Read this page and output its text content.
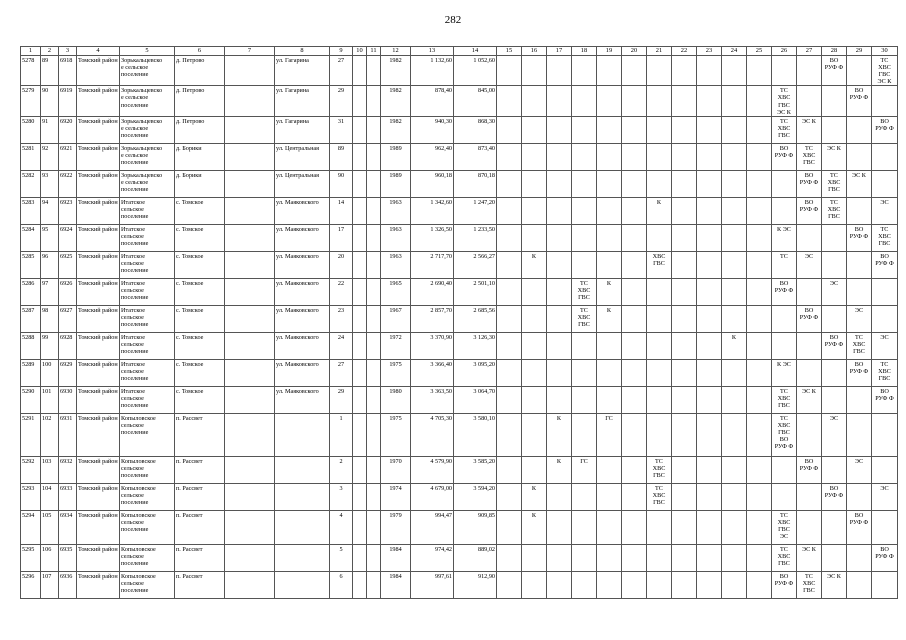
282
1	2	3	4	5	6	7	8	9	10	11	12	13	14	15	16	17	18	19	20	21	22	23	24	25	26	27	28	29	30
5278	89	6918	Томский район	Зорькальцевско
е сельское
поселение	д. Петрово		ул. Гагарина	27			1982	1 132,60	1 052,60														ВО
РУФ Ф		ТС
ХВС
ГВС
ЭС К
5279	90	6919	Томский район	Зорькальцевско
е сельское
поселение	д. Петрово		ул. Гагарина	29			1982	878,40	845,00												ТС
ХВС
ГВС
ЭС К			ВО
РУФ Ф	
5280	91	6920	Томский район	Зорькальцевско
е сельское
поселение	д. Петрово		ул. Гагарина	31			1982	940,30	868,30												ТС
ХВС
ГВС	ЭС К			ВО
РУФ Ф
5281	92	6921	Томский район	Зорькальцевско
е сельское
поселение	д. Борики		ул. Центральная	89			1989	962,40	873,40												ВО
РУФ Ф	ТС
ХВС
ГВС	ЭС К		
5282	93	6922	Томский район	Зорькальцевско
е сельское
поселение	д. Борики		ул. Центральная	90			1989	960,18	870,18													ВО
РУФ Ф	ТС
ХВС
ГВС	ЭС К	
5283	94	6923	Томский район	Итатское
сельское
поселение	с. Томское		ул. Маяковского	14			1963	1 342,60	1 247,20							К						ВО
РУФ Ф	ТС
ХВС
ГВС		ЭС
5284	95	6924	Томский район	Итатское
сельское
поселение	с. Томское		ул. Маяковского	17			1963	1 326,50	1 233,50												К ЭС			ВО
РУФ Ф	ТС
ХВС
ГВС
5285	96	6925	Томский район	Итатское
сельское
поселение	с. Томское		ул. Маяковского	20			1963	2 717,70	2 566,27		К					ХВС
ГВС					ТС	ЭС			ВО
РУФ Ф
5286	97	6926	Томский район	Итатское
сельское
поселение	с. Томское		ул. Маяковского	22			1965	2 690,40	2 501,10				ТС
ХВС
ГВС	К							ВО
РУФ Ф		ЭС		
5287	98	6927	Томский район	Итатское
сельское
поселение	с. Томское		ул. Маяковского	23			1967	2 857,70	2 685,56				ТС
ХВС
ГВС	К								ВО
РУФ Ф		ЭС	
5288	99	6928	Томский район	Итатское
сельское
поселение	с. Томское		ул. Маяковского	24			1972	3 370,90	3 126,30										К				ВО
РУФ Ф	ТС
ХВС
ГВС	ЭС
5289	100	6929	Томский район	Итатское
сельское
поселение	с. Томское		ул. Маяковского	27			1975	3 366,40	3 095,20												К ЭС			ВО
РУФ Ф	ТС
ХВС
ГВС
5290	101	6930	Томский район	Итатское
сельское
поселение	с. Томское		ул. Маяковского	29			1980	3 363,50	3 064,70												ТС
ХВС
ГВС	ЭС К			ВО
РУФ Ф
5291	102	6931	Томский район	Копыловское
сельское
поселение	п. Рассвет			1			1975	4 705,30	3 580,10			К		ГС							ТС
ХВС
ГВС
ВО
РУФ Ф		ЭС		
5292	103	6932	Томский район	Копыловское
сельское
поселение	п. Рассвет			2			1970	4 579,90	3 585,20			К	ГС			ТС
ХВС
ГВС						ВО
РУФ Ф		ЭС	
5293	104	6933	Томский район	Копыловское
сельское
поселение	п. Рассвет			3			1974	4 679,00	3 594,20		К					ТС
ХВС
ГВС							ВО
РУФ Ф		ЭС
5294	105	6934	Томский район	Копыловское
сельское
поселение	п. Рассвет			4			1979	994,47	909,85		К										ТС
ХВС
ГВС
ЭС			ВО
РУФ Ф	
5295	106	6935	Томский район	Копыловское
сельское
поселение	п. Рассвет			5			1984	974,42	889,02												ТС
ХВС
ГВС	ЭС К			ВО
РУФ Ф
5296	107	6936	Томский район	Копыловское
сельское
поселение	п. Рассвет			6			1984	997,61	912,90												ВО
РУФ Ф	ТС
ХВС
ГВС	ЭС К		
